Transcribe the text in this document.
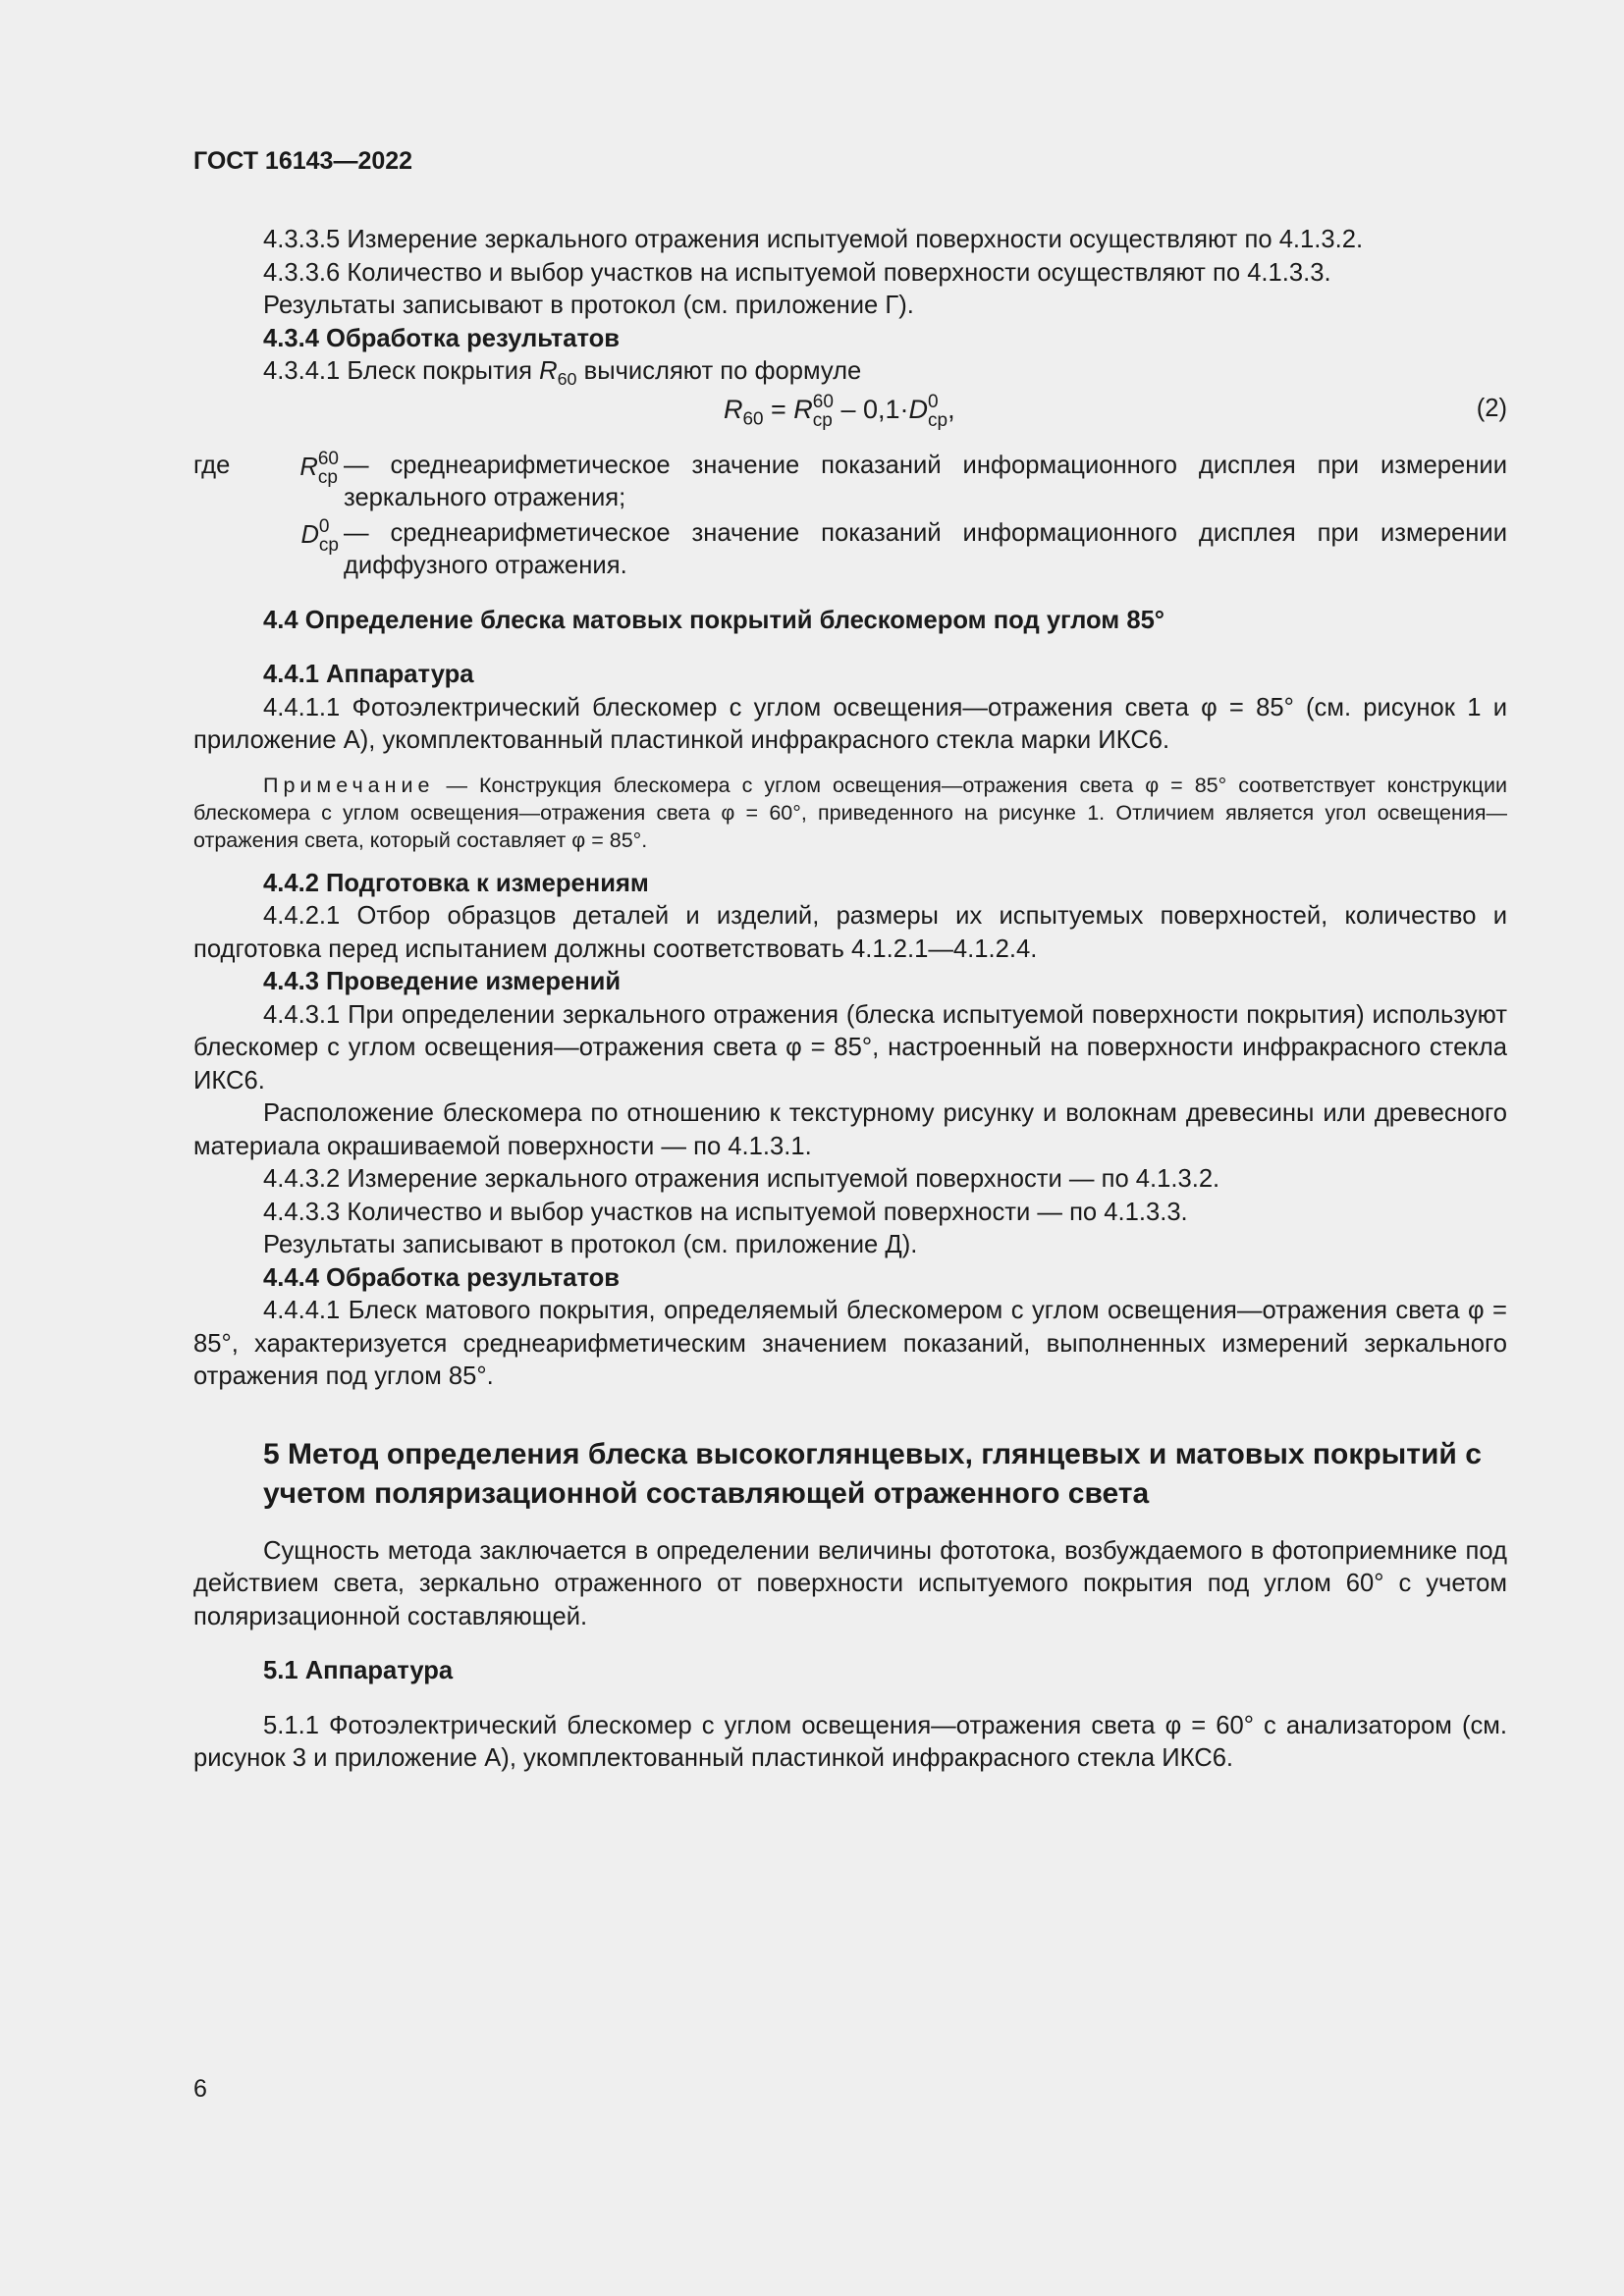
ГОСТ 16143—2022

4.3.3.5 Измерение зеркального отражения испытуемой поверхности осуществляют по 4.1.3.2.

4.3.3.6 Количество и выбор участков на испытуемой поверхности осуществляют по 4.1.3.3.

Результаты записывают в протокол (см. приложение Г).

4.3.4 Обработка результатов

4.3.4.1 Блеск покрытия $R_{60}$ вычисляют по формуле

$R_{60} = R$ 60
ср – 0,1·D 0
ср ,	(2)
где	R 60
ср — среднеарифметическое значение показаний информационного дисплея при измерении зеркального отражения;
D 0
ср — среднеарифметическое значение показаний информационного дисплея при измерении диффузного отражения.

4.4 Определение блеска матовых покрытий блескомером под углом 85°

4.4.1 Аппаратура

4.4.1.1 Фотоэлектрический блескомер с углом освещения—отражения света φ = 85° (см. рисунок 1 и приложение А), укомплектованный пластинкой инфракрасного стекла марки ИКС6.

Примечание — Конструкция блескомера с углом освещения—отражения света φ = 85° соответствует конструкции блескомера с углом освещения—отражения света φ = 60°, приведенного на рисунке 1. Отличием является угол освещения—отражения света, который составляет φ = 85°.

4.4.2 Подготовка к измерениям

4.4.2.1 Отбор образцов деталей и изделий, размеры их испытуемых поверхностей, количество и подготовка перед испытанием должны соответствовать 4.1.2.1—4.1.2.4.

4.4.3 Проведение измерений

4.4.3.1 При определении зеркального отражения (блеска испытуемой поверхности покрытия) используют блескомер с углом освещения—отражения света φ = 85°, настроенный на поверхности инфракрасного стекла ИКС6.

Расположение блескомера по отношению к текстурному рисунку и волокнам древесины или древесного материала окрашиваемой поверхности — по 4.1.3.1.

4.4.3.2 Измерение зеркального отражения испытуемой поверхности — по 4.1.3.2.

4.4.3.3 Количество и выбор участков на испытуемой поверхности — по 4.1.3.3.

Результаты записывают в протокол (см. приложение Д).

4.4.4 Обработка результатов

4.4.4.1 Блеск матового покрытия, определяемый блескомером с углом освещения—отражения света φ = 85°, характеризуется среднеарифметическим значением показаний, выполненных измерений зеркального отражения под углом 85°.

5 Метод определения блеска высокоглянцевых, глянцевых и матовых покрытий с учетом поляризационной составляющей отраженного света

Сущность метода заключается в определении величины фототока, возбуждаемого в фотоприемнике под действием света, зеркально отраженного от поверхности испытуемого покрытия под углом 60° с учетом поляризационной составляющей.

5.1 Аппаратура

5.1.1 Фотоэлектрический блескомер с углом освещения—отражения света φ = 60° с анализатором (см. рисунок 3 и приложение А), укомплектованный пластинкой инфракрасного стекла ИКС6.

6
